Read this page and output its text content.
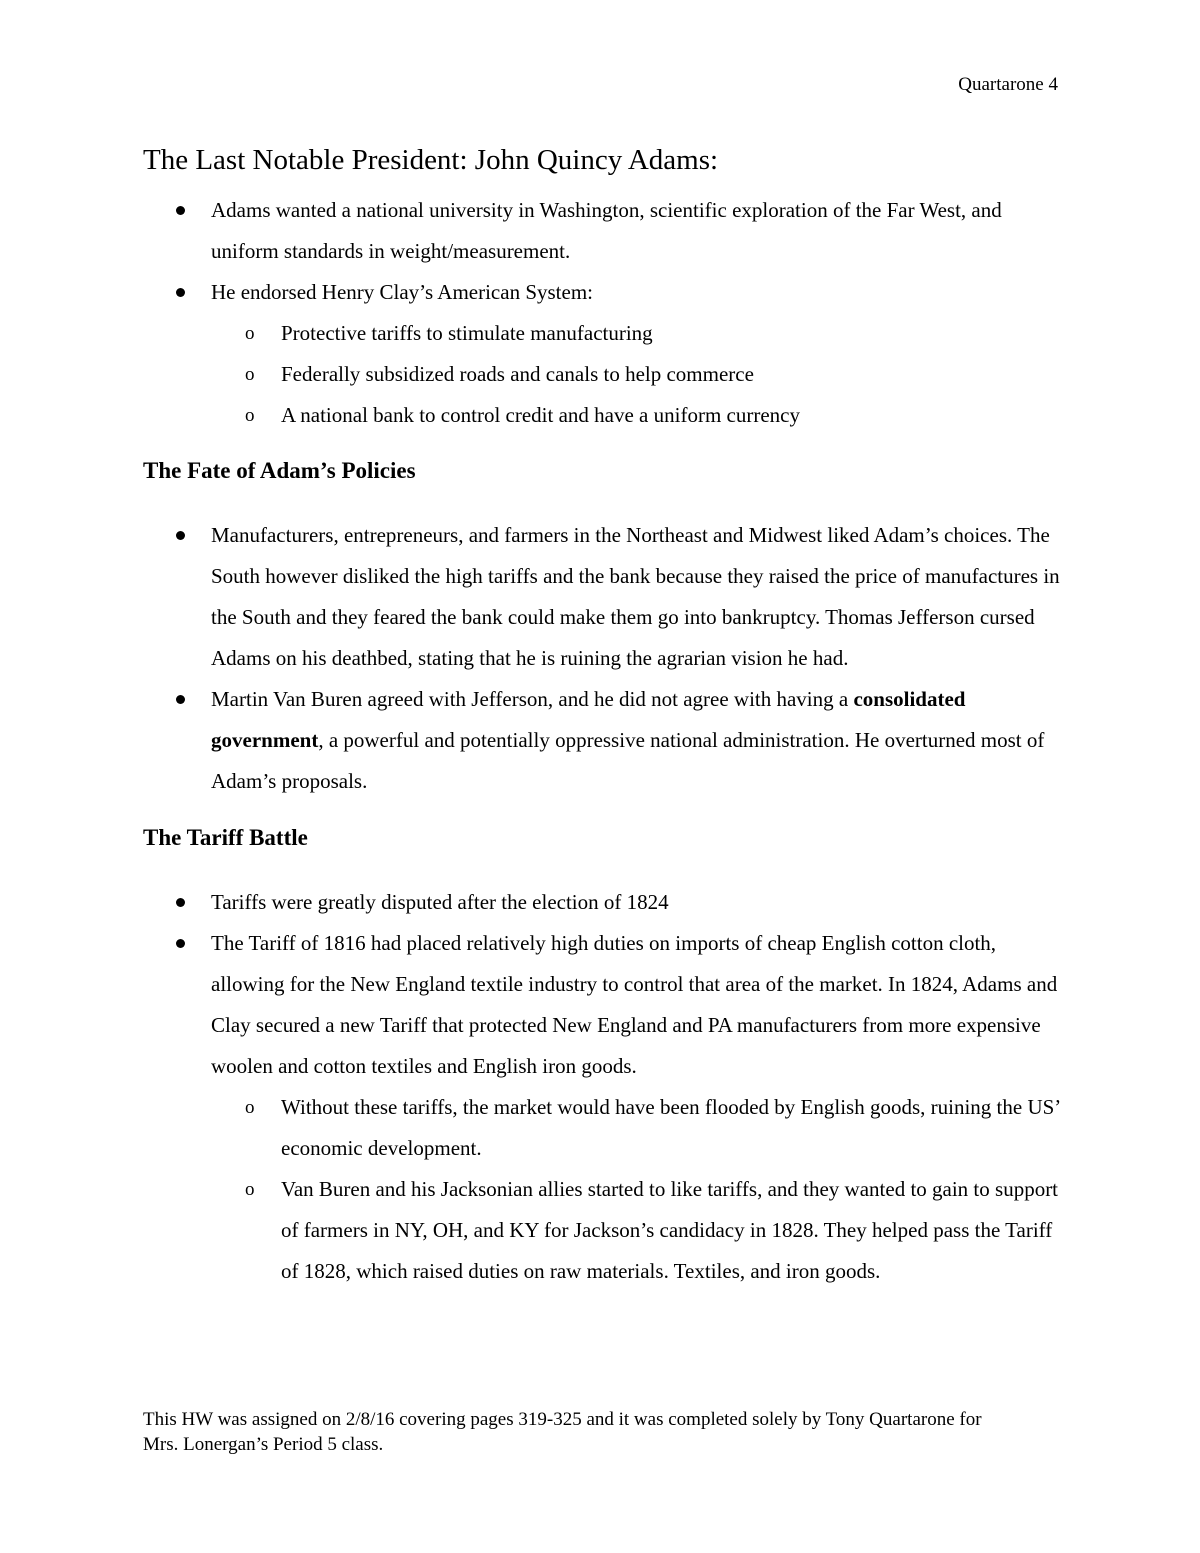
Quartarone 4
The Last Notable President: John Quincy Adams:
Adams wanted a national university in Washington, scientific exploration of the Far West, and uniform standards in weight/measurement.
He endorsed Henry Clay’s American System:
o Protective tariffs to stimulate manufacturing
o Federally subsidized roads and canals to help commerce
o A national bank to control credit and have a uniform currency
The Fate of Adam’s Policies
Manufacturers, entrepreneurs, and farmers in the Northeast and Midwest liked Adam’s choices. The South however disliked the high tariffs and the bank because they raised the price of manufactures in the South and they feared the bank could make them go into bankruptcy. Thomas Jefferson cursed Adams on his deathbed, stating that he is ruining the agrarian vision he had.
Martin Van Buren agreed with Jefferson, and he did not agree with having a consolidated government, a powerful and potentially oppressive national administration. He overturned most of Adam’s proposals.
The Tariff Battle
Tariffs were greatly disputed after the election of 1824
The Tariff of 1816 had placed relatively high duties on imports of cheap English cotton cloth, allowing for the New England textile industry to control that area of the market. In 1824, Adams and Clay secured a new Tariff that protected New England and PA manufacturers from more expensive woolen and cotton textiles and English iron goods.
o Without these tariffs, the market would have been flooded by English goods, ruining the US’ economic development.
o Van Buren and his Jacksonian allies started to like tariffs, and they wanted to gain to support of farmers in NY, OH, and KY for Jackson’s candidacy in 1828. They helped pass the Tariff of 1828, which raised duties on raw materials. Textiles, and iron goods.
This HW was assigned on 2/8/16 covering pages 319-325 and it was completed solely by Tony Quartarone for Mrs. Lonergan’s Period 5 class.
